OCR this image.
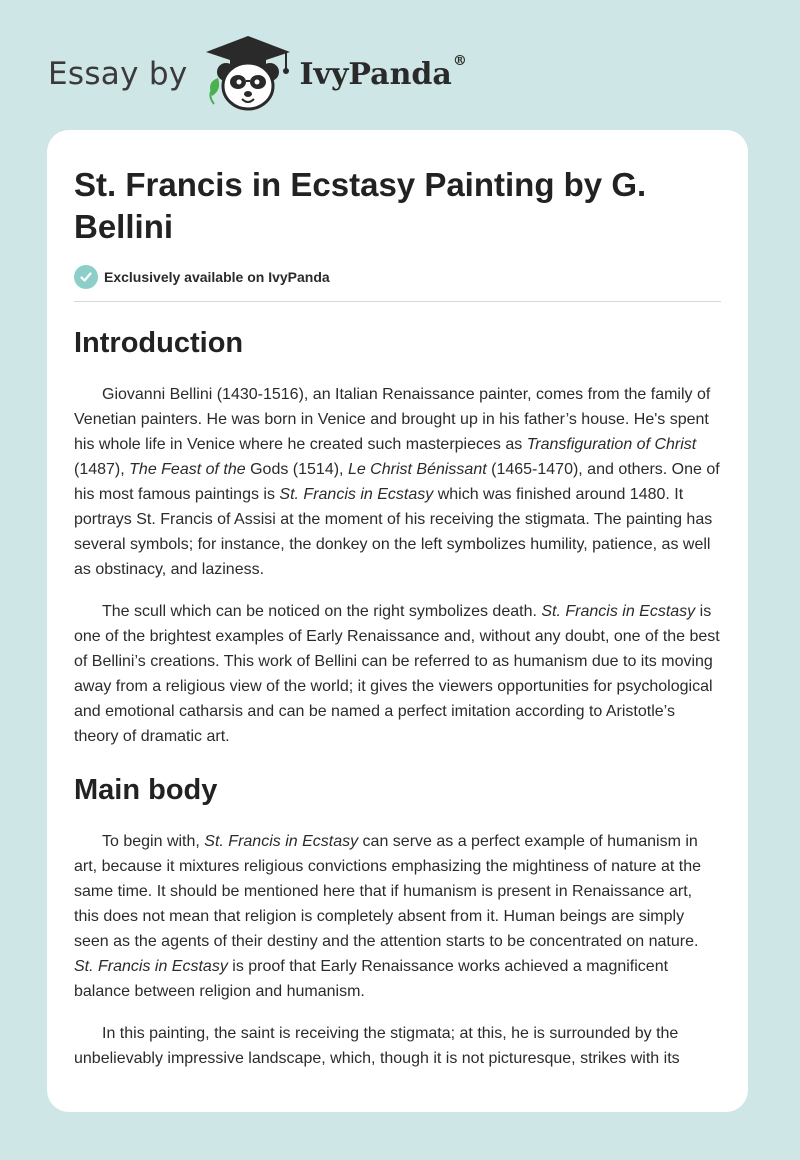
Essay by	IvyPanda®
St. Francis in Ecstasy Painting by G. Bellini
Exclusively available on IvyPanda
Introduction

Giovanni Bellini (1430-1516), an Italian Renaissance painter, comes from the family of Venetian painters. He was born in Venice and brought up in his father’s house. He's spent his whole life in Venice where he created such masterpieces as Transfiguration of Christ (1487), The Feast of the Gods (1514), Le Christ Bénissant (1465-1470), and others. One of his most famous paintings is St. Francis in Ecstasy which was finished around 1480. It portrays St. Francis of Assisi at the moment of his receiving the stigmata. The painting has several symbols; for instance, the donkey on the left symbolizes humility, patience, as well as obstinacy, and laziness.

The scull which can be noticed on the right symbolizes death. St. Francis in Ecstasy is one of the brightest examples of Early Renaissance and, without any doubt, one of the best of Bellini’s creations. This work of Bellini can be referred to as humanism due to its moving away from a religious view of the world; it gives the viewers opportunities for psychological and emotional catharsis and can be named a perfect imitation according to Aristotle’s theory of dramatic art.

Main body

To begin with, St. Francis in Ecstasy can serve as a perfect example of humanism in art, because it mixtures religious convictions emphasizing the mightiness of nature at the same time. It should be mentioned here that if humanism is present in Renaissance art, this does not mean that religion is completely absent from it. Human beings are simply seen as the agents of their destiny and the attention starts to be concentrated on nature. St. Francis in Ecstasy is proof that Early Renaissance works achieved a magnificent balance between religion and humanism.

In this painting, the saint is receiving the stigmata; at this, he is surrounded by the unbelievably impressive landscape, which, though it is not picturesque, strikes with its
